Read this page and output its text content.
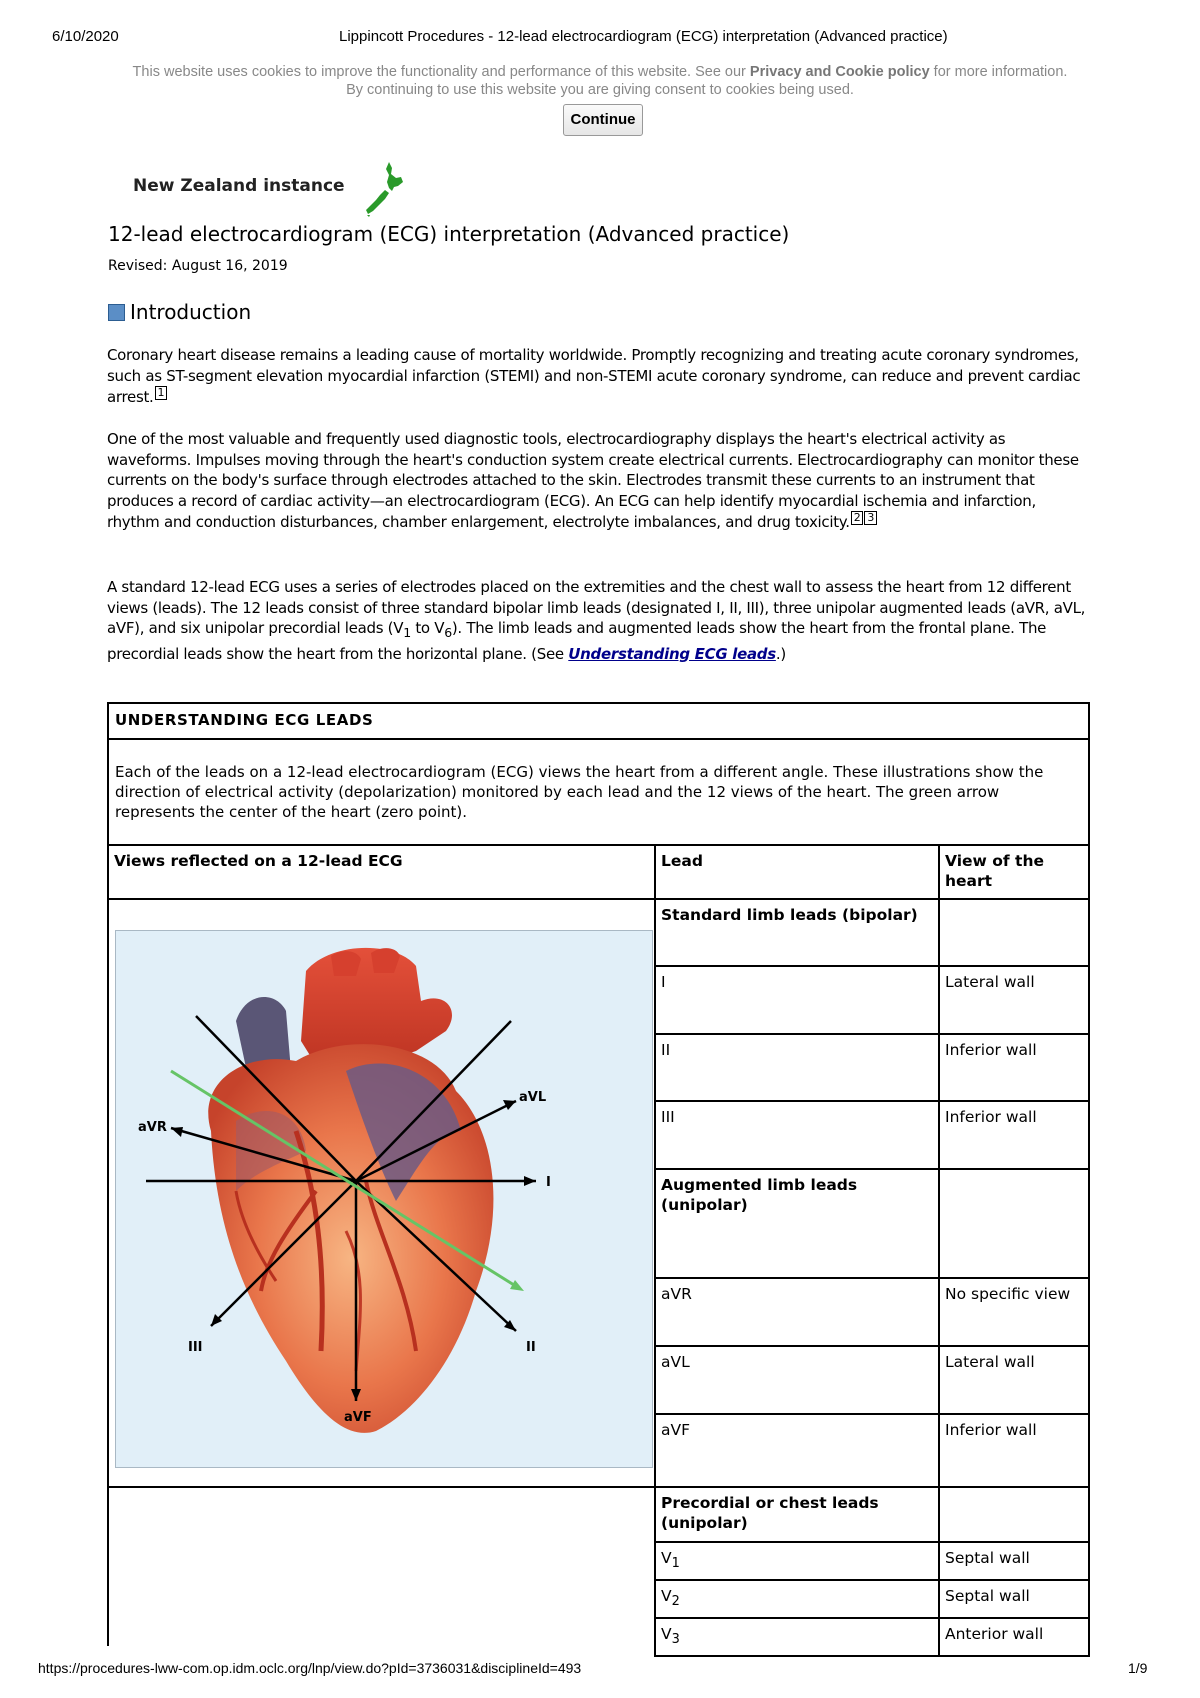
6/10/2020	Lippincott Procedures - 12-lead electrocardiogram (ECG) interpretation (Advanced practice)
This website uses cookies to improve the functionality and performance of this website. See our Privacy and Cookie policy for more information.
By continuing to use this website you are giving consent to cookies being used.
Continue
New Zealand instance
12-lead electrocardiogram (ECG) interpretation (Advanced practice)
Revised: August 16, 2019
Introduction
Coronary heart disease remains a leading cause of mortality worldwide. Promptly recognizing and treating acute coronary syndromes, such as ST-segment elevation myocardial infarction (STEMI) and non-STEMI acute coronary syndrome, can reduce and prevent cardiac arrest. 1
One of the most valuable and frequently used diagnostic tools, electrocardiography displays the heart's electrical activity as waveforms. Impulses moving through the heart's conduction system create electrical currents. Electrocardiography can monitor these currents on the body's surface through electrodes attached to the skin. Electrodes transmit these currents to an instrument that produces a record of cardiac activity—an electrocardiogram (ECG). An ECG can help identify myocardial ischemia and infarction, rhythm and conduction disturbances, chamber enlargement, electrolyte imbalances, and drug toxicity. 2 3
A standard 12-lead ECG uses a series of electrodes placed on the extremities and the chest wall to assess the heart from 12 different views (leads). The 12 leads consist of three standard bipolar limb leads (designated I, II, III), three unipolar augmented leads (aVR, aVL, aVF), and six unipolar precordial leads ($V_1$ to $V_6$). The limb leads and augmented leads show the heart from the frontal plane. The precordial leads show the heart from the horizontal plane. (See Understanding ECG leads.)
UNDERSTANDING ECG LEADS
Each of the leads on a 12-lead electrocardiogram (ECG) views the heart from a different angle. These illustrations show the direction of electrical activity (depolarization) monitored by each lead and the 12 views of the heart. The green arrow represents the center of the heart (zero point).
Views reflected on a 12-lead ECG	Lead	View of the heart
aVR
aVL
I
II
III
aVF
Standard limb leads (bipolar)
I	Lateral wall
II	Inferior wall
III	Inferior wall
Augmented limb leads (unipolar)
aVR	No specific view
aVL	Lateral wall
aVF	Inferior wall
Precordial or chest leads (unipolar)
$V_1$	Septal wall
$V_2$	Septal wall
$V_3$	Anterior wall
https://procedures-lww-com.op.idm.oclc.org/lnp/view.do?pId=3736031&disciplineId=493	1/9
